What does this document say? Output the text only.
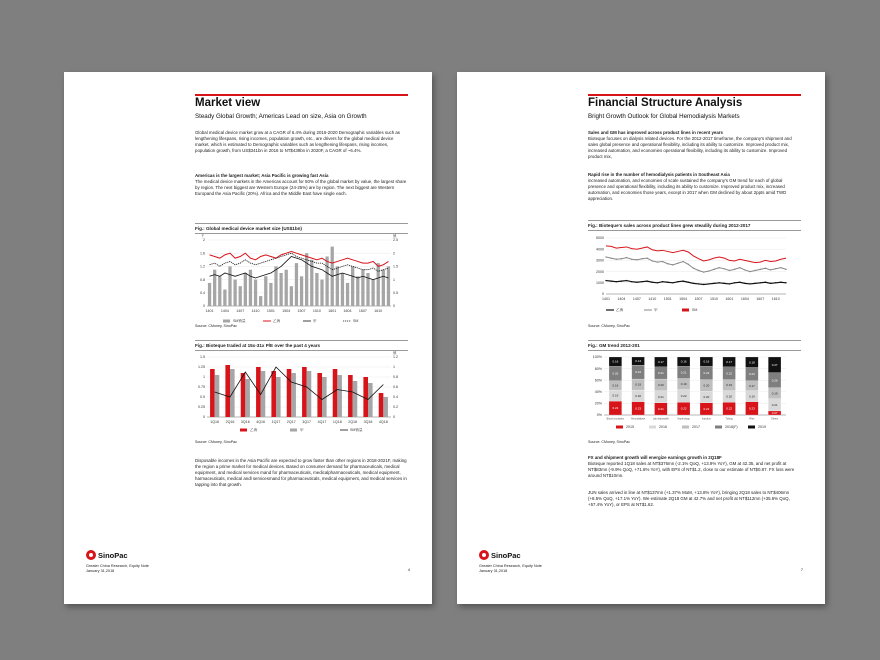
Market view
Steady Global Growth; Americas Lead on size, Asia on Growth
Global medical device market grow at a CAGR of 6.4% during 2016-2020 Demographic variables such as lengthening lifespans, rising incomes, population growth, etc., are drivers for the global medical device market, which is estimated to Demographic variables such as lengthening lifespans, rising incomes, population growth, from US$341bn in 2016 to NT$439bn in 2020F, a CAGR of ~6.4%.
Americas is the largest market; Asia Pacific is growing fast Asia
The medical device markets in the Americas account for 50% of the global market by value, the largest share by region. The next biggest are Western Europe (24-25%) are by region. The next biggest are Western Europand the Asia Pacific (20%). Africa and the Middle East have single each.
Fig.: Global medical device market size (US$1bn)
2
1.6
1.2
0.8
0.4
0
2.5
2
1.5
1
0.5
0
1401 1404 1407 1410 1501 1504 1507 1510 1601 1604 1607 1610
千	億
SM销量	乙海	甲	SM
Source: CMoney, SinoPac
Fig.: Bioteque traded at 15x-31x P/E over the past 4 years
1.5
1.25
1
0.75
0.5
0.25
0
1.2
1
0.8
0.6
0.4
0.2
0
1Q16 2Q16 3Q16 4Q16 1Q17 2Q17 3Q17 4Q17 1Q18 2Q18 3Q18 4Q18
億
乙海	甲	SM销量
Source: CMoney, SinoPac
Disposable incomes in the Asia Pacific are expected to grow faster than other regions in 2018-2021F, making the region a prime market for medical devices. Based on consumer demand for pharmaceuticals, medical equipment, and medical services mand for pharmaceuticals, medicalpharmaceuticals, medical equipment, harmaceuticals, medical andl servicesmand for pharmaceuticals, medical equipment, and medical services in tapping into that growth.
SinoPac
Greater China Research, Equity Note
January 31,2018	4
Financial Structure Analysis
Bright Growth Outlook for Global Hemodialysis Markets
Sales and GM has improved across product lines in recent years
Bioteque focuses on dialysis related devices. For the 2012-2017 timeframe, the company's shipment and sales global presence and operational flexibility, including its ability to customize. Improved product mix, increased automation, and economies operational flexibility, including its ability to customize. Improved product mix,
Rapid rise in the number of hemodialysis patients in Southeast Asia
increased automation, and economies of scale sustained the company's GM trend for each of global presence and operational flexibility, including its ability to customize. Improved product mix, increased automation, and economies those years, except in 2017 when GM declined by about 2ppts amid TWD appreciation.
Fig.: Bioteque's sales across product lines grew steadily during 2012-2017
5000
4000
3000
2000
1000
0
1401 1404 1407 1410 1501 1504 1507 1510 1601 1604 1607 1610
乙海	甲	SM
Source: CMoney, SinoPac
Fig.: GM trend 2012-201
100%
80%
60%
40%
20%
0%
0.24
0.19
0.16
0.25
0.16
Blood circulation
0.23
0.20
0.19
0.24
0.14
Hemodialysis
0.21
0.21
0.20
0.21
0.17
Lab disposable
0.22
0.22
0.19
0.21
0.16
Nephrology
0.21
0.20
0.20
0.23
0.16
Injection
0.22
0.20
0.19
0.22
0.17
Tubing
0.23
0.19
0.17
0.23
0.18
Filter
0.07
0.21
0.19
0.26
0.27
Others
2015	2016	2017	2018(F)	2019
Source: CMoney, SinoPac
FX and shipment growth will energize earnings growth in 2Q18F
Bioteque reported 1Q18 sales at NT$376mn (-2.1% QoQ, +13.9% YoY), GM at 42.35, and net profit at NT$83mn (-9.9% QoQ, +71.8% YoY), with EPS of NT$1.2, close to our estimate of NT$0.87. FX loss were around NT$10mn.
JUN sales arrived in line at NT$137mn (+1.37% MoM, +13.8% YoY), bringing 2Q18 sales to NT$406mn (+8.5% QoQ, +17.1% YoY). We estimate 2Q18 GM at 42.7% and net profit at NT$112mn (+35.6% QoQ, +57.4% YoY), or EPS at NT$1.62.
SinoPac
Greater China Research, Equity Note
January 31,2018	7
